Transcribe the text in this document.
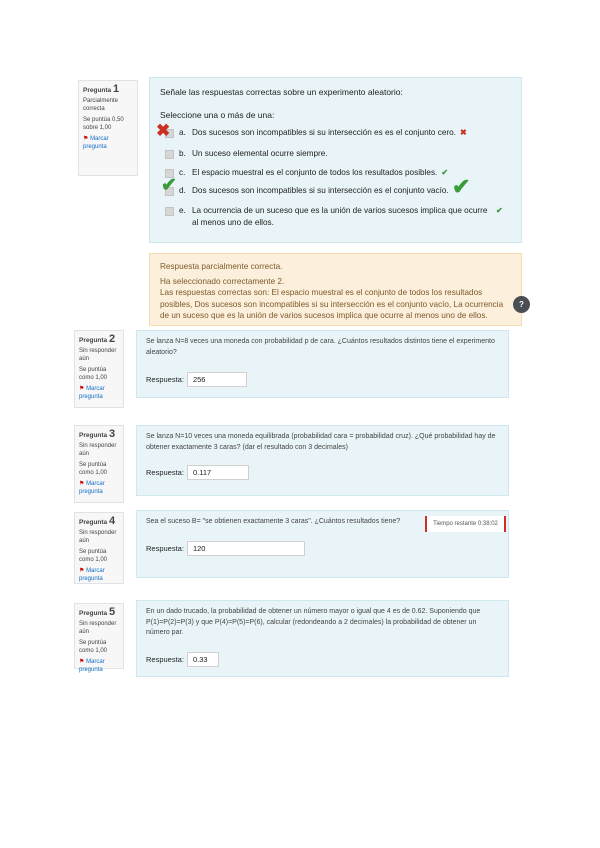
Pregunta 1
Parcialmente correcta
Se puntúa 0,50 sobre 1,00
⚑ Marcar pregunta
Señale las respuestas correctas sobre un experimento aleatorio:
Seleccione una o más de una:
a. Dos sucesos son incompatibles si su intersección es es el conjunto cero. ✖
b. Un suceso elemental ocurre siempre.
c. El espacio muestral es el conjunto de todos los resultados posibles. ✔
d. Dos sucesos son incompatibles si su intersección es el conjunto vacío.
e. La ocurrencia de un suceso que es la unión de varios sucesos implica que ocurre al menos uno de ellos.
✔
✖
✔	✔
Respuesta parcialmente correcta.
Ha seleccionado correctamente 2.
Las respuestas correctas son: El espacio muestral es el conjunto de todos los resultados posibles, Dos sucesos son incompatibles si su intersección es el conjunto vacío, La ocurrencia de un suceso que es la unión de varios sucesos implica que ocurre al menos uno de ellos.
?
Pregunta 2
Sin responder aún
Se puntúa como 1,00
⚑ Marcar pregunta
Se lanza N=8 veces una moneda con probabilidad p de cara. ¿Cuántos resultados distintos tiene el experimento aleatorio?
Respuesta: 256
Pregunta 3
Sin responder aún
Se puntúa como 1,00
⚑ Marcar pregunta
Se lanza N=10 veces una moneda equilibrada (probabilidad cara = probabilidad cruz). ¿Qué probabilidad hay de obtener exactamente 3 caras? (dar el resultado con 3 decimales)
Respuesta: 0.117
Pregunta 4
Sin responder aún
Se puntúa como 1,00
⚑ Marcar pregunta
Sea el suceso B= "se obtienen exactamente 3 caras". ¿Cuántos resultados tiene?
Respuesta: 120
Tiempo restante 0:38:02
Pregunta 5
Sin responder aún
Se puntúa como 1,00
⚑ Marcar pregunta
En un dado trucado, la probabilidad de obtener un número mayor o igual que 4 es de 0.62. Suponiendo que P(1)=P(2)=P(3) y que P(4)=P(5)=P(6), calcular (redondeando a 2 decimales) la probabilidad de obtener un número par.
Respuesta: 0.33
